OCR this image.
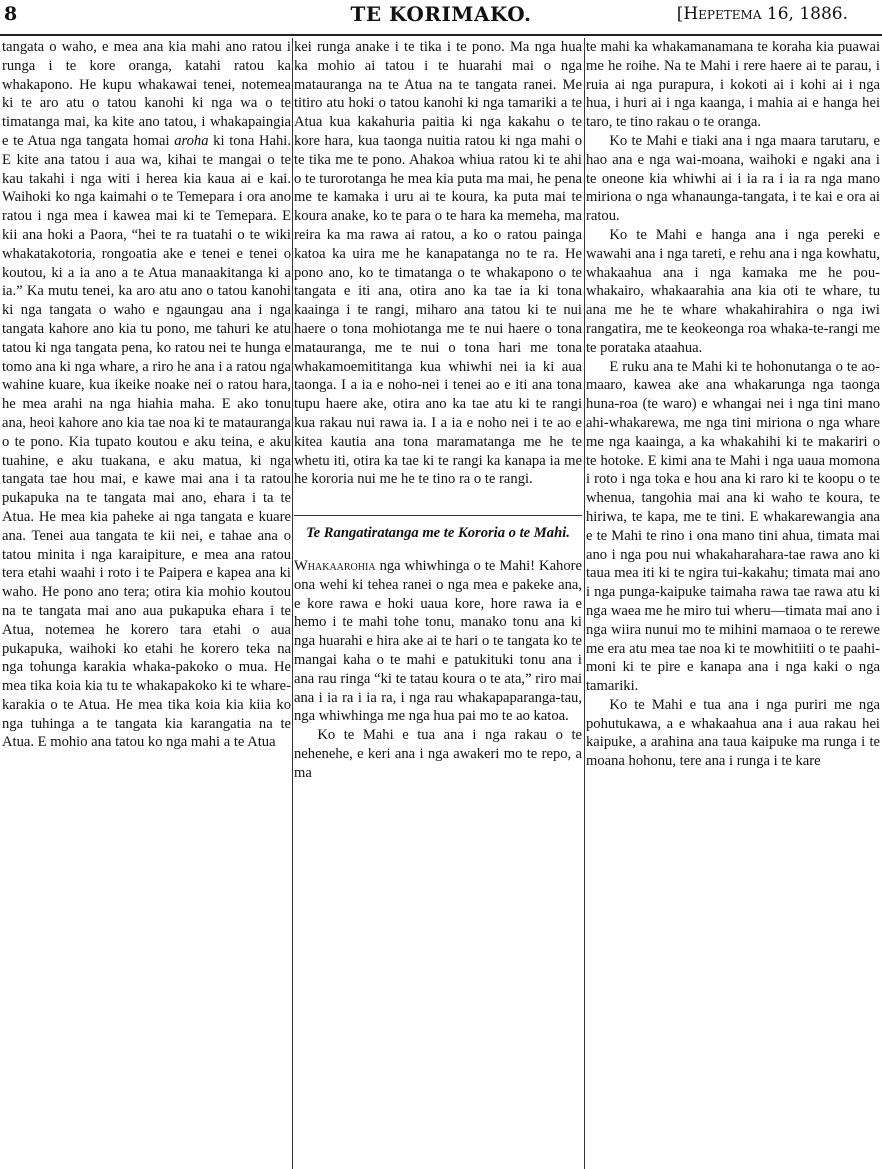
8	TE KORIMAKO.	[Hepetema 16, 1886.

tangata o waho, e mea ana kia mahi ano ratou i runga i te kore oranga, katahi ratou ka whakapono. He kupu whakawai tenei, notemea ki te aro atu o tatou kanohi ki nga wa o te timatanga mai, ka kite ano tatou, i whakapaingia e te Atua nga tangata homai aroha ki tona Hahi. E kite ana tatou i aua wa, kihai te mangai o te kau takahi i nga witi i herea kia kaua ai e kai. Waihoki ko nga kaimahi o te Temepara i ora ano ratou i nga mea i kawea mai ki te Temepara. E kii ana hoki a Paora, “hei te ra tuatahi o te wiki whakatakotoria, rongoatia ake e tenei e tenei o koutou, ki a ia ano a te Atua manaakitanga ki a ia.” Ka mutu tenei, ka aro atu ano o tatou kanohi ki nga tangata o waho e ngaungau ana i nga tangata kahore ano kia tu pono, me tahuri ke atu tatou ki nga tangata pena, ko ratou nei te hunga e tomo ana ki nga whare, a riro he ana i a ratou nga wahine kuare, kua ikeike noake nei o ratou hara, he mea arahi na nga hiahia maha. E ako tonu ana, heoi kahore ano kia tae noa ki te matauranga o te pono. Kia tupato koutou e aku teina, e aku tuahine, e aku tuakana, e aku matua, ki nga tangata tae hou mai, e kawe mai ana i ta ratou pukapuka na te tangata mai ano, ehara i ta te Atua. He mea kia paheke ai nga tangata e kuare ana. Tenei aua tangata te kii nei, e tahae ana o tatou minita i nga karaipiture, e mea ana ratou tera etahi waahi i roto i te Paipera e kapea ana ki waho. He pono ano tera; otira kia mohio koutou na te tangata mai ano aua pukapuka ehara i te Atua, notemea he korero tara etahi o aua pukapuka, waihoki ko etahi he korero teka na nga tohunga karakia whaka-pakoko o mua. He mea tika koia kia tu te whakapakoko ki te whare-karakia o te Atua. He mea tika koia kia kiia ko nga tuhinga a te tangata kia karangatia na te Atua. E mohio ana tatou ko nga mahi a te Atua

kei runga anake i te tika i te pono. Ma nga hua ka mohio ai tatou i te huarahi mai o nga matauranga na te Atua na te tangata ranei. Me titiro atu hoki o tatou kanohi ki nga tamariki a te Atua kua kakahuria paitia ki nga kakahu o te kore hara, kua taonga nuitia ratou ki nga mahi o te tika me te pono. Ahakoa whiua ratou ki te ahi o te turorotanga he mea kia puta ma mai, he pena me te kamaka i uru ai te koura, ka puta mai te koura anake, ko te para o te hara ka memeha, ma reira ka ma rawa ai ratou, a ko o ratou painga katoa ka uira me he kanapatanga no te ra. He pono ano, ko te timatanga o te whakapono o te tangata e iti ana, otira ano ka tae ia ki tona kaainga i te rangi, miharo ana tatou ki te nui haere o tona mohiotanga me te nui haere o tona matauranga, me te nui o tona hari me tona whakamoemititanga kua whiwhi nei ia ki aua taonga. I a ia e noho-nei i tenei ao e iti ana tona tupu haere ake, otira ano ka tae atu ki te rangi kua rakau nui rawa ia. I a ia e noho nei i te ao e kitea kautia ana tona maramatanga me he te whetu iti, otira ka tae ki te rangi ka kanapa ia me he kororia nui me he te tino ra o te rangi.

Te Rangatiratanga me te Kororia o te Mahi.

Whakaarohia nga whiwhinga o te Mahi! Kahore ona wehi ki tehea ranei o nga mea e pakeke ana, e kore rawa e hoki uaua kore, hore rawa ia e hemo i te mahi tohe tonu, manako tonu ana ki nga huarahi e hira ake ai te hari o te tangata ko te mangai kaha o te mahi e patukituki tonu ana i ana rau ringa “ki te tatau koura o te ata,” riro mai ana i ia ra i ia ra, i nga rau whakapaparanga-tau, nga whiwhinga me nga hua pai mo te ao katoa.

Ko te Mahi e tua ana i nga rakau o te nehenehe, e keri ana i nga awakeri mo te repo, a ma

te mahi ka whakamanamana te koraha kia puawai me he roihe. Na te Mahi i rere haere ai te parau, i ruia ai nga purapura, i kokoti ai i kohi ai i nga hua, i huri ai i nga kaanga, i mahia ai e hanga hei taro, te tino rakau o te oranga.

Ko te Mahi e tiaki ana i nga maara tarutaru, e hao ana e nga wai-moana, waihoki e ngaki ana i te oneone kia whiwhi ai i ia ra i ia ra nga mano miriona o nga whanaunga-tangata, i te kai e ora ai ratou.

Ko te Mahi e hanga ana i nga pereki e wawahi ana i nga tareti, e rehu ana i nga kowhatu, whakaahua ana i nga kamaka me he pou-whakairo, whakaarahia ana kia oti te whare, tu ana me he te whare whakahirahira o nga iwi rangatira, me te keokeonga roa whaka-te-rangi me te porataka ataahua.

E ruku ana te Mahi ki te hohonutanga o te ao-maaro, kawea ake ana whakarunga nga taonga huna-roa (te waro) e whangai nei i nga tini mano ahi-whakarewa, me nga tini miriona o nga whare me nga kaainga, a ka whakahihi ki te makariri o te hotoke. E kimi ana te Mahi i nga uaua momona i roto i nga toka e hou ana ki raro ki te koopu o te whenua, tangohia mai ana ki waho te koura, te hiriwa, te kapa, me te tini. E whakarewangia ana e te Mahi te rino i ona mano tini ahua, timata mai ano i nga pou nui whakaharahara-tae rawa ano ki taua mea iti ki te ngira tui-kakahu; timata mai ano i nga punga-kaipuke taimaha rawa tae rawa atu ki nga waea me he miro tui wheru—timata mai ano i nga wiira nunui mo te mihini mamaoa o te rerewe me era atu mea tae noa ki te mowhitiiti o te paahi-moni ki te pire e kanapa ana i nga kaki o nga tamariki.

Ko te Mahi e tua ana i nga puriri me nga pohutukawa, a e whakaahua ana i aua rakau hei kaipuke, a arahina ana taua kaipuke ma runga i te moana hohonu, tere ana i runga i te kare
